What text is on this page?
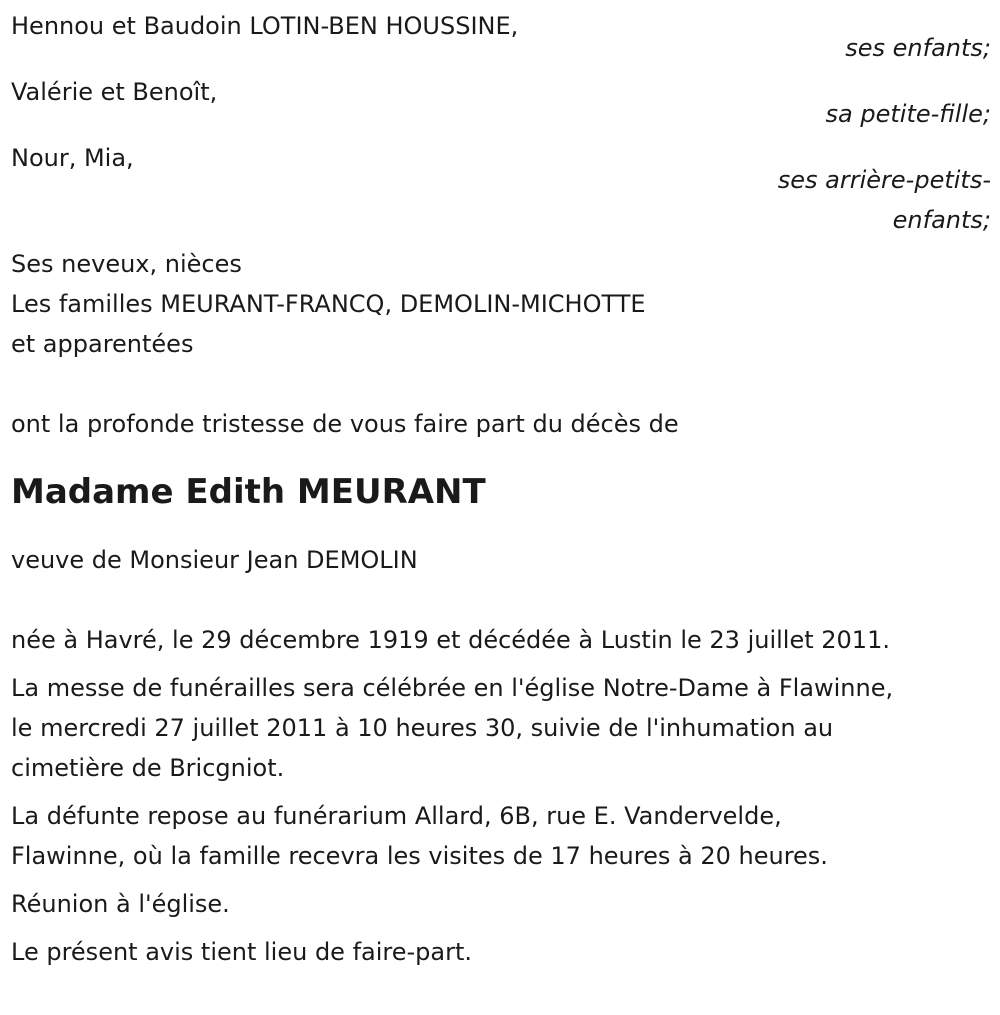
Hennou et Baudoin LOTIN-BEN HOUSSINE,
ses enfants;
Valérie et Benoît,
sa petite-fille;
Nour, Mia,
ses arrière-petits-
enfants;
Ses neveux, nièces
Les familles MEURANT-FRANCQ, DEMOLIN-MICHOTTE
et apparentées
ont la profonde tristesse de vous faire part du décès de
Madame Edith MEURANT
veuve de Monsieur Jean DEMOLIN
née à Havré, le 29 décembre 1919 et décédée à Lustin le 23 juillet 2011.
La messe de funérailles sera célébrée en l'église Notre-Dame à Flawinne,
le mercredi 27 juillet 2011 à 10 heures 30, suivie de l'inhumation au
cimetière de Bricgniot.
La défunte repose au funérarium Allard, 6B, rue E. Vandervelde,
Flawinne, où la famille recevra les visites de 17 heures à 20 heures.
Réunion à l'église.
Le présent avis tient lieu de faire-part.
